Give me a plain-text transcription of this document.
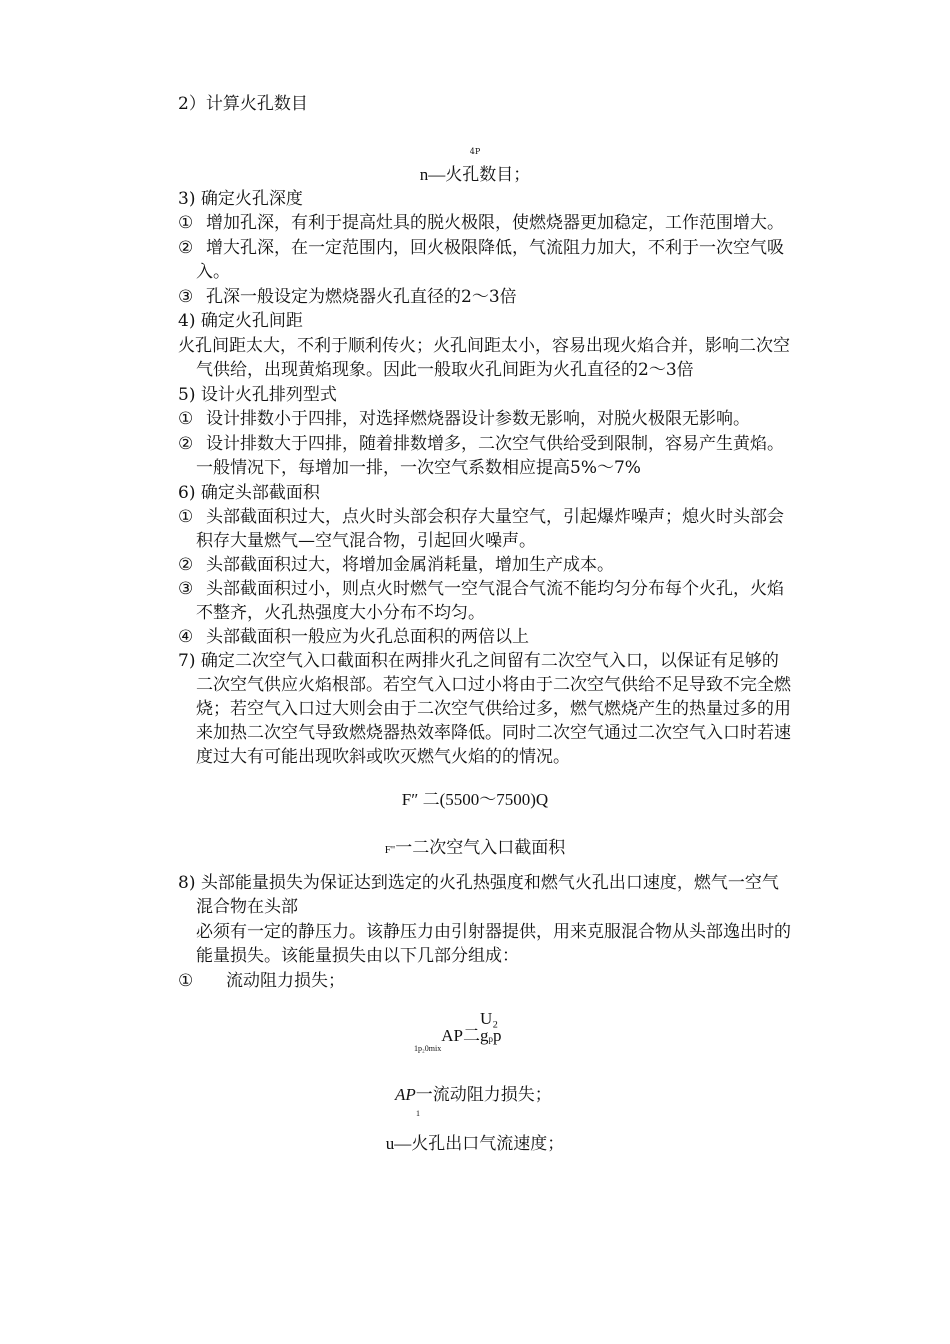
2）计算火孔数目
4P
n—火孔数目；
3) 确定火孔深度
① 增加孔深，有利于提高灶具的脱火极限，使燃烧器更加稳定，工作范围增大。
② 增大孔深，在一定范围内，回火极限降低，气流阻力加大，不利于一次空气吸
入。
③ 孔深一般设定为燃烧器火孔直径的2〜3倍
4) 确定火孔间距
火孔间距太大，不利于顺利传火；火孔间距太小，容易出现火焰合并，影响二次空
气供给，出现黄焰现象。因此一般取火孔间距为火孔直径的2〜3倍
5) 设计火孔排列型式
① 设计排数小于四排，对选择燃烧器设计参数无影响，对脱火极限无影响。
② 设计排数大于四排，随着排数增多，二次空气供给受到限制，容易产生黄焰。
一般情况下，每增加一排，一次空气系数相应提高5%〜7%
6) 确定头部截面积
① 头部截面积过大，点火时头部会积存大量空气，引起爆炸噪声；熄火时头部会
积存大量燃气—空气混合物，引起回火噪声。
② 头部截面积过大，将增加金属消耗量，增加生产成本。
③ 头部截面积过小，则点火时燃气一空气混合气流不能均匀分布每个火孔，火焰
不整齐，火孔热强度大小分布不均匀。
④ 头部截面积一般应为火孔总面积的两倍以上
7) 确定二次空气入口截面积在两排火孔之间留有二次空气入口，以保证有足够的
二次空气供应火焰根部。若空气入口过小将由于二次空气供给不足导致不完全燃
烧；若空气入口过大则会由于二次空气供给过多，燃气燃烧产生的热量过多的用
来加热二次空气导致燃烧器热效率降低。同时二次空气通过二次空气入口时若速
度过大有可能出现吹斜或吹灭燃气火焰的的情况。
F″ 二(5500〜7500)Q
F"一二次空气入口截面积
8) 头部能量损失为保证达到选定的火孔热强度和燃气火孔出口速度，燃气一空气
混合物在头部
必须有一定的静压力。该静压力由引射器提供，用来克服混合物从头部逸出时的
能量损失。该能量损失由以下几部分组成：
① 流动阻力损失；
U₂
$_{1p_20mix}$AP二gpp
AP一流动阻力损失；
1
u—火孔出口气流速度；
